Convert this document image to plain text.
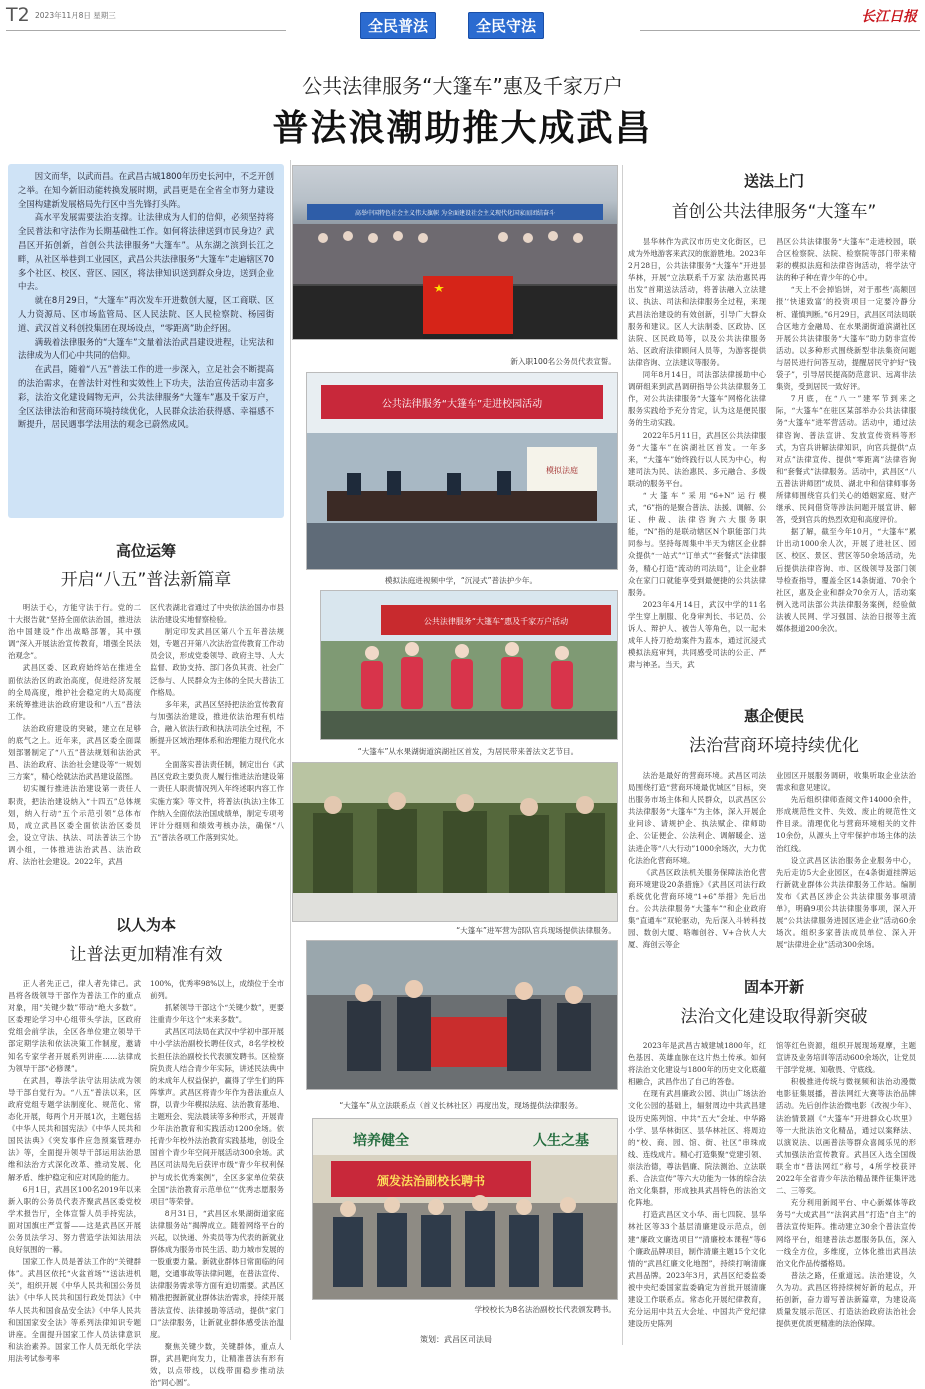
T2 2023年11月8日 星期三
全民普法	全民守法	长江日报
公共法律服务“大篷车”惠及千家万户
普法浪潮助推大成武昌

因文而华，以武而昌。在武昌古城1800年历史长河中，不乏开创之举。在知今新旧动能转换发展时期，武昌更是在全省全市努力建设全国构建新发展格局先行区中当先锋打头阵。

高水平发展需要法治支撑。让法律成为人们的信仰，必须坚持将全民普法和守法作为长期基础性工作。如何将法律送到市民身边？武昌区开拓创新，首创公共法律服务“大篷车”。从东湖之滨到长江之畔，从社区举巷到工业园区，武昌公共法律服务“大篷车”走遍辖区70多个社区、校区、营区、园区，将法律知识送到群众身边，送到企业中去。

就在8月29日，“大篷车”再次发车开进数创大厦，区工商联、区人力资源局、区市场监管局、区人民法院、区人民检察院、杨园街道、武汉首义科创投集团在现场设点，“零距离”助企纾困。

满载着法律服务的“大篷车”文量着法治武昌建设进程，让宪法和法律成为人们心中共同的信仰。

在武昌，随着“八五”普法工作的进一步深入，立足社会不断提高的法治需求，在普法针对性和实效性上下功夫，法治宣传活动丰富多彩，法治文化建设阔物无声，公共法律服务“大篷车”惠及千家万户，全区法律法治和营商环境持续优化，人民群众法治获得感、幸福感不断提升，居民遇事学法用法的观念已蔚然成风。

高位运筹
开启“八五”普法新篇章

明法于心，方能守法于行。党的二十大报告就“坚持全面依法治国，推进法治中国建设”作出战略部署，其中强调“深入开展法治宣传教育，增强全民法治观念”。

武昌区委、区政府始终站在推进全面依法治区的政治高度，促进经济发展的全局高度，维护社会稳定的大局高度来统筹推进法治政府建设和“八五”普法工作。

法治政府建设的突破，建立在足够的底气之上。近年来，武昌区委全面谋划部署制定了“八五”普法规划和法治武昌、法治政府、法治社会建设等“一规划三方案”，精心绘就法治武昌建设蓝图。

切实履行推进法治建设第一责任人职责，把法治建设纳入“十四五”总体规划，纳入行动“五个示范引领”总体布局，成立武昌区委全面依法治区委员会，设立守法、执法、司法普法三个协调小组，一体推进法治武昌、法治政府、法治社会建设。2022年，武昌

区代表湖北省通过了中央依法治国办市县法治建设实地督察检验。

制定印发武昌区第八个五年普法规划，专题召开第八次法治宣传教育工作动员会议，形成党委领导、政府主导、人大监督、政协支持、部门各负其责、社会广泛参与、人民群众为主体的全民大普法工作格局。

多年来，武昌区坚持把法治宣传教育与加强法治建设，推进依法治理有机结合，融入依法行政和执法司法全过程，不断提升区域治理体系和治理能力现代化水平。

全面落实普法责任制，制定出台《武昌区党政主要负责人履行推进法治建设第一责任人职责情况列入年终述职内容工作实施方案》等文件，将普法(执法)主体工作纳入全面依法治国成绩单，制定专项考评计分细则和绩效考核办法，确保“八五”普法各项工作落到实处。

以人为本
让普法更加精准有效

正人者先正己，律人者先律己。武昌将各级领导干部作为普法工作的重点对象，用“关键少数”带动“绝大多数”。区委理论学习中心组带头学法，区政府党组会前学法，全区各单位建立领导干部定期学法和依法决策工作制度，邀请知名专家学者开展系列讲座……法律成为领导干部“必修课”。

在武昌，尊法学法守法用法成为领导干部自觉行为。“八五”普法以来，区政府党组专题学法制度化、规范化、常态化开展，每两个月开展1次，主题包括《中华人民共和国宪法》《中华人民共和国民法典》《突发事件应急预案管理办法》等，全面提升领导干部运用法治思维和法治方式深化改革、推动发展、化解矛盾、维护稳定和应对风险的能力。

6月1日，武昌区100名2019年以来新入职的公务员代表齐聚武昌区委党校学术报告厅，全体宣誓人员手持宪法，面对国旗庄严宣誓——这是武昌区开展公务员法学习、努力营造学法知法用法良好氛围的一幕。

国家工作人员是普法工作的“关键群体”。武昌区依托“火盆首场”“送法进机关”，组织开展《中华人民共和国公务员法》《中华人民共和国行政处罚法》《中华人民共和国食品安全法》《中华人民共和国国家安全法》等系列法律知识专题讲座。全面提升国家工作人员法律意识和法治素养。国家工作人员无纸化学法用法考试参考率

100%，优秀率98%以上，成绩位于全市前列。

抓紧领导干部这个“关键少数”，更要注重青少年这个“未来多数”。

武昌区司法局在武汉中学初中部开展中小学法治副校长聘任仪式，8名学校校长担任法治副校长代表颁发聘书。区检察院负责人结合青少年实际，讲述民法典中的未成年人权益保护，赢得了学生们的阵阵掌声。武昌区将青少年作为普法重点人群，以青少年模拟法庭、法治教育基地、主题班会、宪法晨读等多种形式，开展青少年法治教育和实践活动1200余场。依托青少年校外法治教育实践基地，创设全国首个青少年空间开展活动300余场。武昌区司法局先后获评市级“青少年权利保护与成长优秀案例”，全区多家单位荣获全国“法治教育示范单位”“优秀志愿服务项目”等荣誉。

8月31日，“武昌区水果湖街道家庭法律服务站”揭牌成立。随着网络平台的兴起，以快递、外卖员等为代表的新就业群体成为服务市民生活、助力城市发展的一股重要力量。新就业群体日常面临的问题，交通事故等法律问题，在普法宣传、法律服务需求等方面有迫切需要。武昌区精准把握新就业群体法治需求，持续开展普法宣传、法律援助等活动，提供“家门口”法律服务，让新就业群体感受法治温度。

聚焦关键少数，关键群体，重点人群，武昌靶向发力，让精准普法有形有效，以点带线，以线带面稳步推动法治“同心圆”。

高举中国特色社会主义伟大旗帜 为全面建设社会主义现代化国家而团结奋斗
新入职100名公务员代表宣誓。
公共法律服务“大篷车”走进校园活动
模拟法庭
模拟法庭进视频中学，“沉浸式”普法护少年。
公共法律服务“大篷车”惠及千家万户活动
“大篷车”从水果湖街道滨湖社区首发，为居民带来普法文艺节目。
“大篷车”进军营为部队官兵现场提供法律服务。
“大篷车”从立法联系点（首义长林社区）再度出发，现场提供法律服务。
培养健全	人生之基
颁发法治副校长聘书
学校校长为8名法治副校长代表颁发聘书。
送法上门
首创公共法律服务“大篷车”

昙华林作为武汉市历史文化街区，已成为外地游客来武汉的旅游胜地。2023年2月28日，公共法律服务“大篷车”开进昙华林，开展“立法联系千万家 法治惠民再出发”首期送法活动，将普法融入立法建议、执法、司法和法律服务全过程，来现武昌法治建设的有效创新，引导广大群众服务和建议。区人大法制委、区政协、区法院、区民政局等，以及公共法律服务站、区政府法律顾问人员等，为游客提供法律咨询、立法建议等服务。

同年8月14日，司法部法律援助中心调研组来到武昌调研指导公共法律服务工作，对公共法律服务“大篷车”网格化法律服务实践给予充分肯定，认为这是便民服务的生动实践。

2022年5月11日，武昌区公共法律服务“大篷车”在滨湖社区首发。一年多来，“大篷车”始终践行以人民为中心，构建司法为民、法治惠民、多元融合、多级联动的服务平台。

“大篷车”采用“6+N”运行模式，“6”指的是聚合普法、法援、调解、公证、仲裁、法律咨询六大服务职能，“N”指的是联动辖区N个职能部门共同参与。坚持每周集中半天为辖区企业群众提供“一站式”“订单式”“套餐式”法律服务，精心打造“流动的司法局”，让企业群众在家门口就能享受到最便捷的公共法律服务。

2023年4月14日，武汉中学的11名学生穿上制服、化身审判长、书记员、公诉人、辩护人、被告人等角色，以一起未成年人持刀抢劫案件为蓝本，通过沉浸式模拟法庭审判，共同感受司法的公正、严肃与神圣。当天，武

昌区公共法律服务“大篷车”走进校园，联合区检察院、法院、检察院等部门带来精彩的模拟法庭和法律咨询活动，将学法守法的种子种在青少年的心中。

“天上不会掉馅饼，对于那些‘高额回报’‘快速致富’的投资项目一定要冷静分析、谨慎判断。”6月29日，武昌区司法局联合区地方金融局、在水果湖街道滨湖社区开展公共法律服务“大篷车”助力防非宣传活动。以多种形式围绕新型非法集资问题与居民进行问答互动，提醒居民守护好“钱袋子”，引导居民提高防范意识、远离非法集资，受到居民一致好评。

7月底，在“八一”建军节到来之际，“大篷车”在驻区某部举办公共法律服务“大篷车”进军营活动。活动中，通过法律咨询、普法宣讲、发放宣传资料等形式，为官兵讲解法律知识，向官兵提供“点对点”法律宣传、提供“零距离”法律咨询和“套餐式”法律服务。活动中，武昌区“八五普法讲师团”成员、湖北中和信律师事务所律师围绕官兵们关心的婚姻家庭、财产继承、民间借贷等涉法问题开展宣讲、解答，受到官兵的热烈欢迎和高度评价。

据了解，截至今年10月，“大篷车”累计出动1000余人次，开展了进社区、园区、校区、景区、营区等50余场活动，先后提供法律咨询、市、区级领导及部门领导检查指导，覆盖全区14条街道、70余个社区，惠及企业和群众70余万人，活动案例入选司法部公共法律服务案例，经验做法被人民网、学习强国、法治日报等主流媒体报道200余次。

惠企便民
法治营商环境持续优化

法治是最好的营商环境。武昌区司法局围绕打造“营商环境最优城区”目标，突出服务市场主体和人民群众，以武昌区公共法律服务“大篷车”为主体，深入开展企业问诊、请规护企、执法赋企、律师助企、公证便企、公法利企、调解暖企、送法进企等“八大行动”1000余场次，大力优化法治化营商环境。

《武昌区政法机关服务保障法治化营商环境建设20条措施》《武昌区司法行政系统优化营商环境“1+6”举措》先后出台。公共法律服务“大篷车”“和企业政府集“直通车”双轮驱动，先后深入斗转科技园、数创大厦、咯咖创谷、V+合伙人大厦、海创云等企

业园区开展服务调研，收集听取企业法治需求和意见建议。

先后组织律师查阅文件14000余件，形成规范性文件、失效、废止的规范性文件目录。清理优化与营商环境相关的文件10余份，从源头上守牢保护市场主体的法治红线。

设立武昌区法治服务企业服务中心，先后走访5大企业园区，在4条街道挂牌运行新就业群体公共法律服务工作站。编制发布《武昌区涉企公共法律服务事项清单》，明确9项公共法律服务事项，深入开展“公共法律服务进园区进企业”活动60余场次。组织多家普法成员单位、深入开展“法律进企业”活动300余场。

固本开新
法治文化建设取得新突破

2023年是武昌古城建城1800年，红色基因、英雄血脉在这片热土传承。如何将法治文化建设与1800年的历史文化底蕴相融合，武昌作出了自己的答卷。

在现有武昌廉政公园、洪山广场法治文化公园的基础上，辐射周边中共武昌建设历史陈列馆、中共“五大”会址、中华路小学、昙华林街区、昙华林社区、将周边的“校、商、园、馆、街、社区”串珠成线、连线成片。精心打造集聚“党建引领、崇法治德，尊法倡廉、院法测治、立法联系、合法宣传”等六大功能为一体的综合法治文化集群，形成独具武昌特色的法治文化阵地。

打造武昌区文小华、南七四院、昙华林社区等33个基层清廉建设示范点，创建“廉政文廉选项目”“清廉校本课程”等6个廉政品牌项目，制作清廉主题15个文化情的“武昌红廉文化地图”，持续打响清廉武昌品牌。2023年3月，武昌区纪委监委被中央纪委国家监委确定为首批开展清廉建设工作联系点。常态化开展纪律教育，充分运用中共五大会址、中国共产党纪律建设历史陈列

馆等红色资源，组织开展现场观摩，主题宣讲及业务培训等活动600余场次，让党员干部学党规、知敬畏、守底线。

积极推进传统与微视频和法治动漫微电影征集展播，普法网红大赛等法治品牌活动。先后创作法治微电影《改视少年》、法治情景剧《“大篷车”开进群众心坎里》等一大批法治文化精品，通过以案释法、以演说法、以画普法等群众喜闻乐见的形式加强法治宣传教育。武昌区入选全国级联全市“普法网红”称号，4所学校获评2022年全省青少年法治精品课件征集评选二、三等奖。

充分利用新闻平台、中心新媒体等政务号“大成武昌”“法润武昌”打造“自主”的普法宣传矩阵。推动建立30余个普法宣传网络平台，组建普法志愿服务队伍，深入一线全方位，多维度，立体化推出武昌法治文化作品传播格局。

普法之路，任重道远。法治建设，久久为功。武昌区将持续树好新的起点，开拓创新，奋力谱写普法新篇章，为建设高质量发展示范区、打造法治政府法治社会提供更优质更精准的法治保障。

策划：武昌区司法局
